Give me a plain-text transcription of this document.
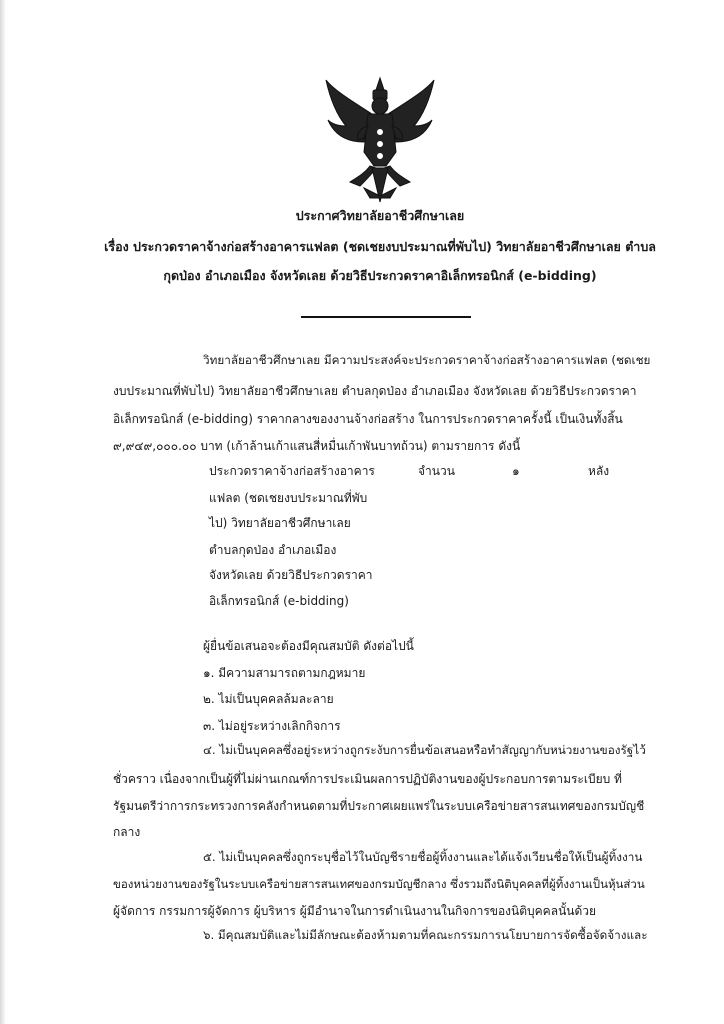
ประกาศวิทยาลัยอาชีวศึกษาเลย
เรื่อง ประกวดราคาจ้างก่อสร้างอาคารแฟลต (ชดเชยงบประมาณที่พับไป) วิทยาลัยอาชีวศึกษาเลย ตำบล
กุดป่อง อำเภอเมือง จังหวัดเลย ด้วยวิธีประกวดราคาอิเล็กทรอนิกส์ (e-bidding)
วิทยาลัยอาชีวศึกษาเลย มีความประสงค์จะประกวดราคาจ้างก่อสร้างอาคารแฟลต (ชดเชย
งบประมาณที่พับไป) วิทยาลัยอาชีวศึกษาเลย ตำบลกุดป่อง อำเภอเมือง จังหวัดเลย ด้วยวิธีประกวดราคา
อิเล็กทรอนิกส์ (e-bidding) ราคากลางของงานจ้างก่อสร้าง ในการประกวดราคาครั้งนี้ เป็นเงินทั้งสิ้น
๙,๙๔๙,๐๐๐.๐๐ บาท (เก้าล้านเก้าแสนสี่หมื่นเก้าพันบาทถ้วน) ตามรายการ ดังนี้
ประกวดราคาจ้างก่อสร้างอาคาร
แฟลต (ชดเชยงบประมาณที่พับ
ไป) วิทยาลัยอาชีวศึกษาเลย
ตำบลกุดป่อง อำเภอเมือง
จังหวัดเลย ด้วยวิธีประกวดราคา
อิเล็กทรอนิกส์ (e-bidding)
จำนวน	๑	หลัง
ผู้ยื่นข้อเสนอจะต้องมีคุณสมบัติ ดังต่อไปนี้
๑. มีความสามารถตามกฎหมาย
๒. ไม่เป็นบุคคลล้มละลาย
๓. ไม่อยู่ระหว่างเลิกกิจการ
๔. ไม่เป็นบุคคลซึ่งอยู่ระหว่างถูกระงับการยื่นข้อเสนอหรือทำสัญญากับหน่วยงานของรัฐไว้
ชั่วคราว เนื่องจากเป็นผู้ที่ไม่ผ่านเกณฑ์การประเมินผลการปฏิบัติงานของผู้ประกอบการตามระเบียบ ที่
รัฐมนตรีว่าการกระทรวงการคลังกำหนดตามที่ประกาศเผยแพร่ในระบบเครือข่ายสารสนเทศของกรมบัญชี
กลาง
๕. ไม่เป็นบุคคลซึ่งถูกระบุชื่อไว้ในบัญชีรายชื่อผู้ทิ้งงานและได้แจ้งเวียนชื่อให้เป็นผู้ทิ้งงาน
ของหน่วยงานของรัฐในระบบเครือข่ายสารสนเทศของกรมบัญชีกลาง ซึ่งรวมถึงนิติบุคคลที่ผู้ทิ้งงานเป็นหุ้นส่วน
ผู้จัดการ กรรมการผู้จัดการ ผู้บริหาร ผู้มีอำนาจในการดำเนินงานในกิจการของนิติบุคคลนั้นด้วย
๖. มีคุณสมบัติและไม่มีลักษณะต้องห้ามตามที่คณะกรรมการนโยบายการจัดซื้อจัดจ้างและ
